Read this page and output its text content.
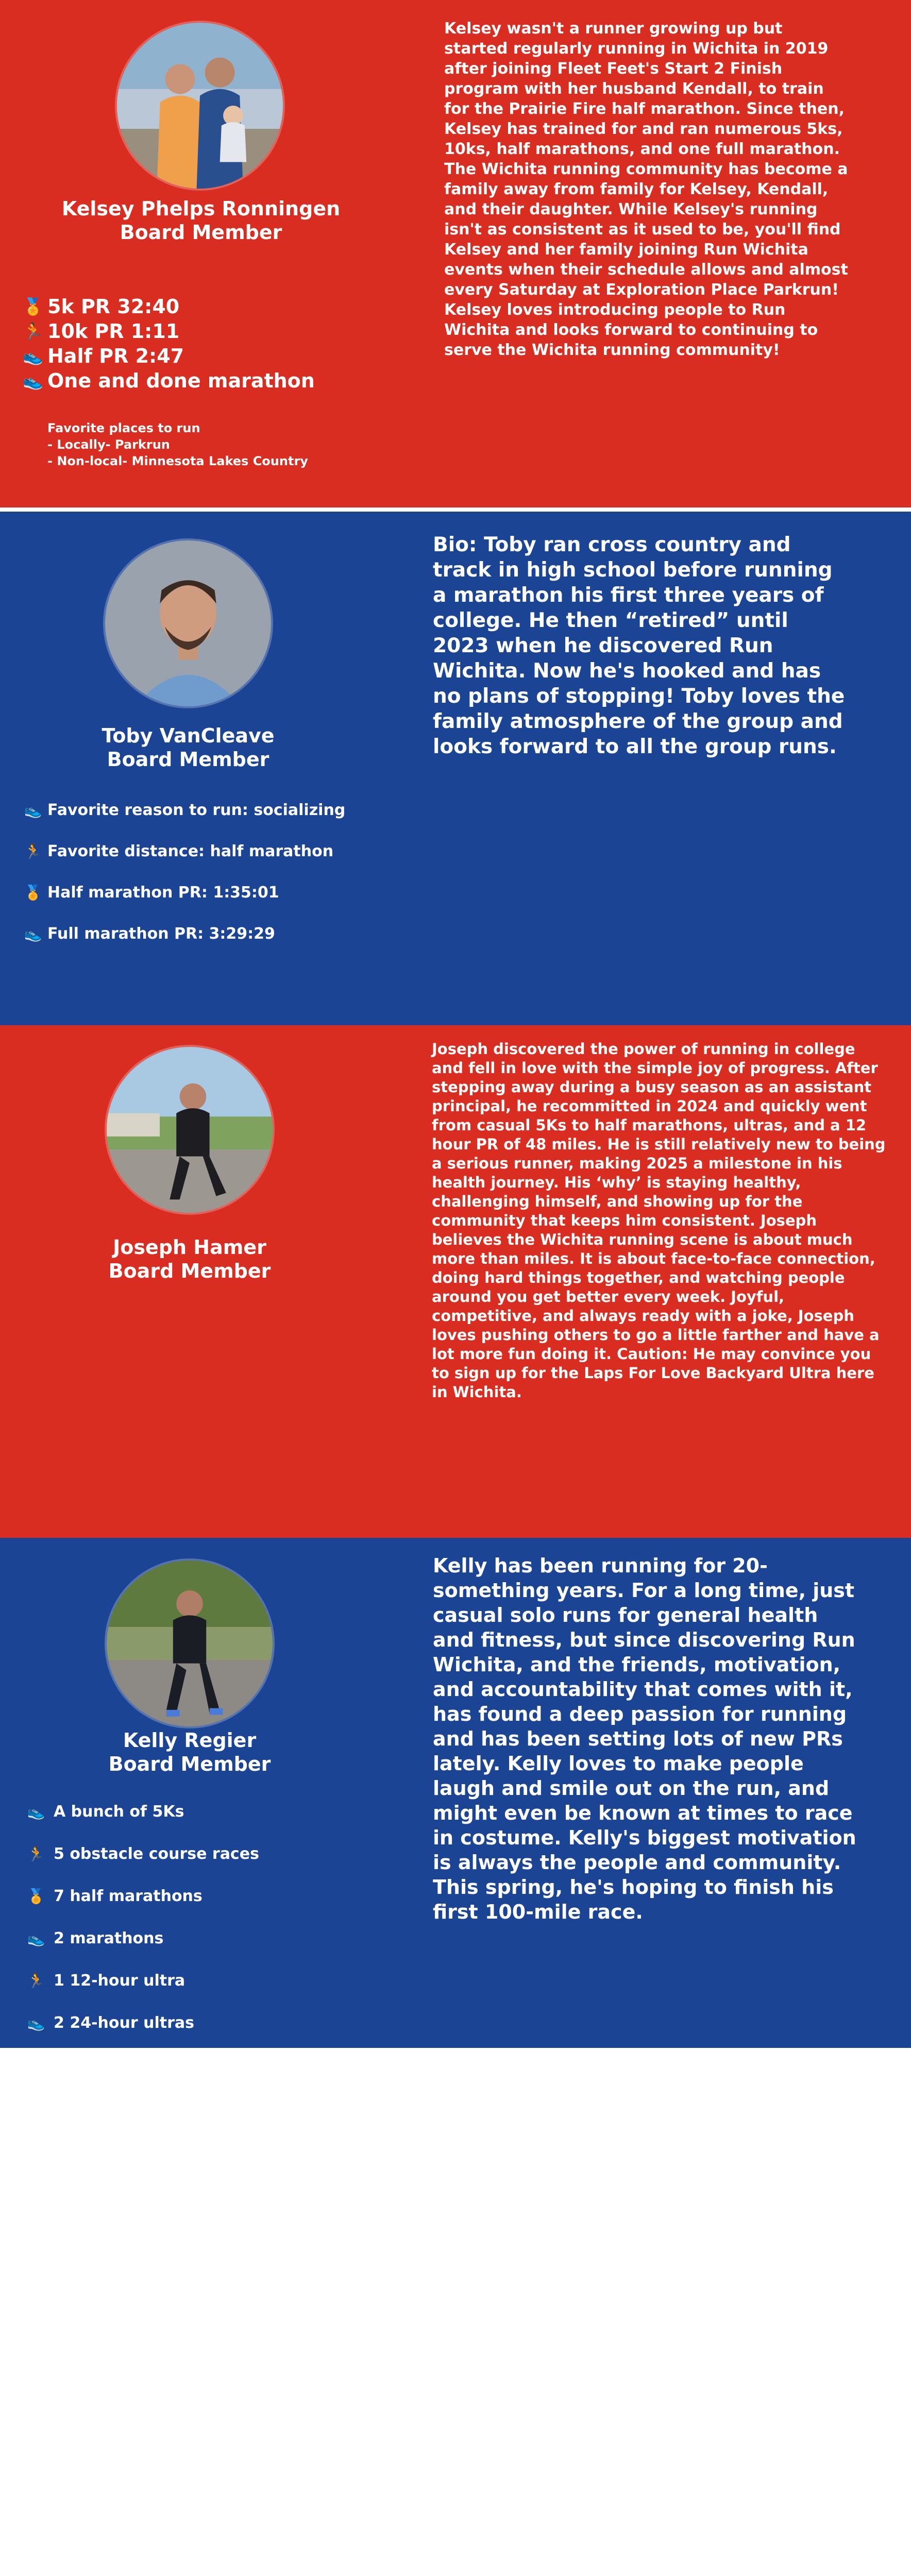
Kelsey Phelps Ronningen
Board Member
🏅 5k PR 32:40
🏃 10k PR 1:11
👟 Half PR 2:47
👟 One and done marathon
Favorite places to run
- Locally- Parkrun
- Non-local- Minnesota Lakes Country

Kelsey wasn't a runner growing up but started regularly running in Wichita in 2019 after joining Fleet Feet's Start 2 Finish program with her husband Kendall, to train for the Prairie Fire half marathon. Since then, Kelsey has trained for and ran numerous 5ks, 10ks, half marathons, and one full marathon. The Wichita running community has become a family away from family for Kelsey, Kendall, and their daughter. While Kelsey's running isn't as consistent as it used to be, you'll find Kelsey and her family joining Run Wichita events when their schedule allows and almost every Saturday at Exploration Place Parkrun! Kelsey loves introducing people to Run Wichita and looks forward to continuing to serve the Wichita running community!

Toby VanCleave
Board Member
👟 Favorite reason to run: socializing
🏃 Favorite distance: half marathon
🏅 Half marathon PR: 1:35:01
👟 Full marathon PR: 3:29:29

Bio: Toby ran cross country and track in high school before running a marathon his first three years of college. He then “retired” until 2023 when he discovered Run Wichita. Now he's hooked and has no plans of stopping! Toby loves the family atmosphere of the group and looks forward to all the group runs.

Joseph Hamer
Board Member

Joseph discovered the power of running in college and fell in love with the simple joy of progress. After stepping away during a busy season as an assistant principal, he recommitted in 2024 and quickly went from casual 5Ks to half marathons, ultras, and a 12 hour PR of 48 miles. He is still relatively new to being a serious runner, making 2025 a milestone in his health journey. His ‘why’ is staying healthy, challenging himself, and showing up for the community that keeps him consistent. Joseph believes the Wichita running scene is about much more than miles. It is about face-to-face connection, doing hard things together, and watching people around you get better every week. Joyful, competitive, and always ready with a joke, Joseph loves pushing others to go a little farther and have a lot more fun doing it. Caution: He may convince you to sign up for the Laps For Love Backyard Ultra here in Wichita.

Kelly Regier
Board Member
👟 A bunch of 5Ks
🏃 5 obstacle course races
🏅 7 half marathons
👟 2 marathons
🏃 1 12-hour ultra
👟 2 24-hour ultras

Kelly has been running for 20-something years. For a long time, just casual solo runs for general health and fitness, but since discovering Run Wichita, and the friends, motivation, and accountability that comes with it, has found a deep passion for running and has been setting lots of new PRs lately. Kelly loves to make people laugh and smile out on the run, and might even be known at times to race in costume. Kelly's biggest motivation is always the people and community. This spring, he's hoping to finish his first 100-mile race.
